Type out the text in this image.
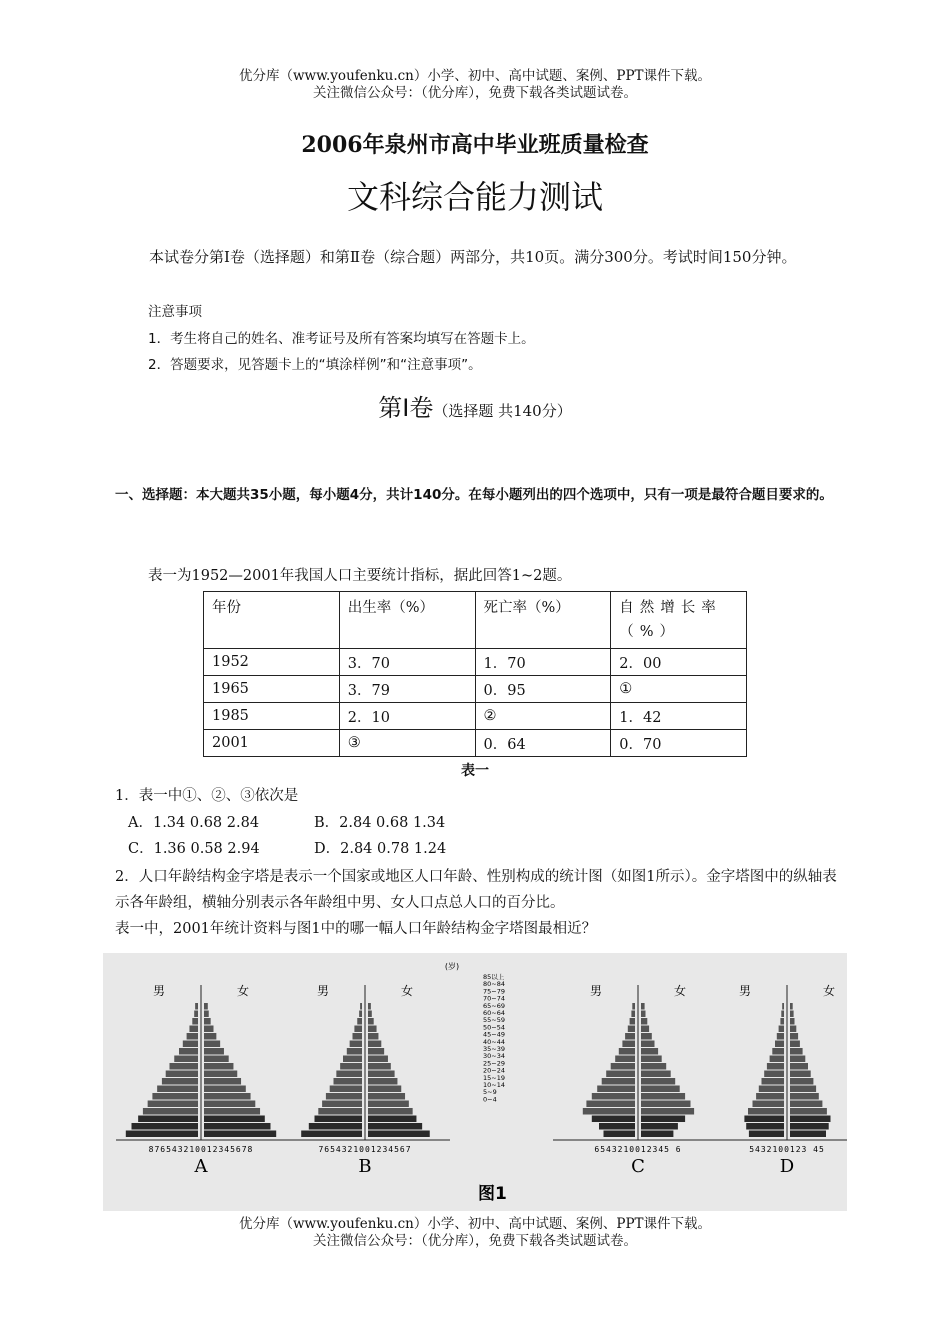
优分库（www.youfenku.cn）小学、初中、高中试题、案例、PPT课件下载。
关注微信公众号：（优分库），免费下载各类试题试卷。
2006年泉州市高中毕业班质量检查
文科综合能力测试
本试卷分第Ⅰ卷（选择题）和第Ⅱ卷（综合题）两部分，共10页。满分300分。考试时间150分钟。
注意事项
1．考生将自己的姓名、准考证号及所有答案均填写在答题卡上。
2．答题要求，见答题卡上的“填涂样例”和“注意事项”。
第Ⅰ卷（选择题 共140分）
一、选择题：本大题共35小题，每小题4分，共计140分。在每小题列出的四个选项中，只有一项是最符合题目要求的。
表一为1952—2001年我国人口主要统计指标，据此回答1~2题。
年份	出生率（%）	死亡率（%）	自然增长率（%）
1952	3．70	1．70	2．00
1965	3．79	0．95	①
1985	2．10	②	1．42
2001	③	0．64	0．70
表一
1．表一中①、②、③依次是
A．1.34 0.68 2.84	B．2.84 0.68 1.34
C．1.36 0.58 2.94	D．2.84 0.78 1.24
2．人口年龄结构金字塔是表示一个国家或地区人口年龄、性别构成的统计图（如图1所示）。金字塔图中的纵轴表示各年龄组，横轴分别表示各年龄组中男、女人口点总人口的百分比。
表一中，2001年统计资料与图1中的哪一幅人口年龄结构金字塔图最相近？
男	女
876543210012345678
A
男	女
7654321001234567
B
男	女
6543210012345 6
C
男	女
5432100123 45
D
85以上
80~84
75~79
70~74
65~69
60~64
55~59
50~54
45~49
40~44
35~39
30~34
25~29
20~24
15~19
10~14
5~9
0~4
(岁)
图1
优分库（www.youfenku.cn）小学、初中、高中试题、案例、PPT课件下载。
关注微信公众号：（优分库），免费下载各类试题试卷。
